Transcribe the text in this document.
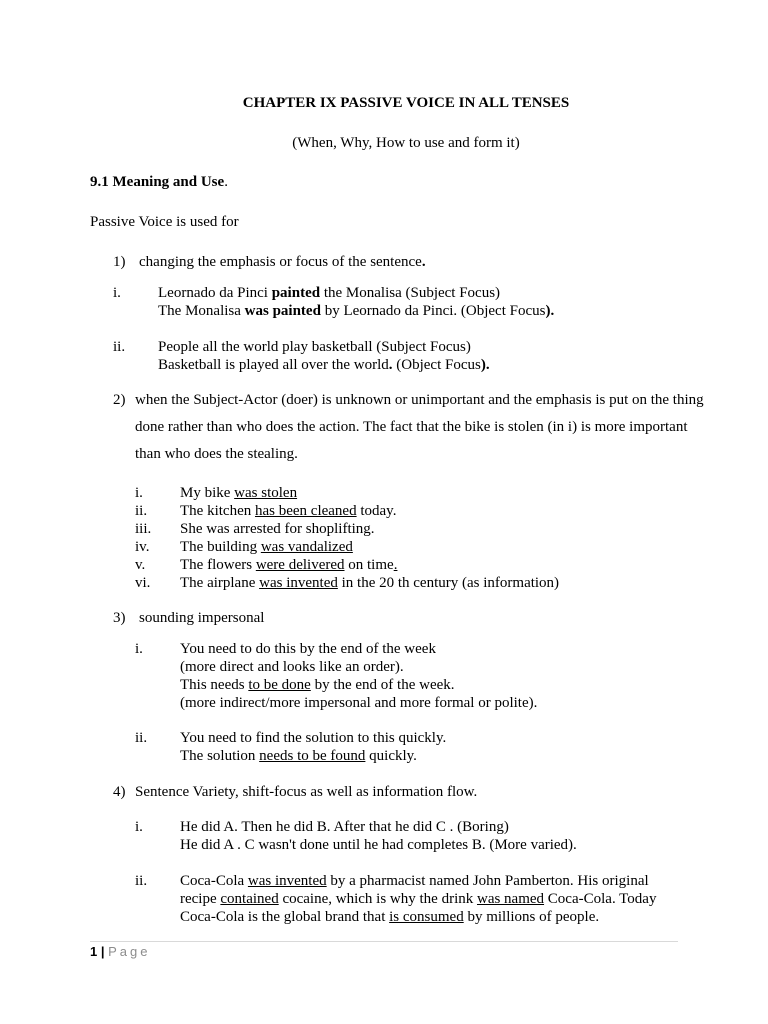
CHAPTER IX PASSIVE VOICE IN ALL TENSES
(When, Why, How to use and form it)
9.1 Meaning and Use.
Passive Voice is used for
1) changing the emphasis or focus of the sentence.
i. Leornado da Pinci painted the Monalisa (Subject Focus)
The Monalisa was painted by Leornado da Pinci. (Object Focus).
ii. People all the world play basketball (Subject Focus)
Basketball is played all over the world. (Object Focus).
2) when the Subject-Actor (doer) is unknown or unimportant and the emphasis is put on the thing
done rather than who does the action. The fact that the bike is stolen (in i) is more important
than who does the stealing.
i. My bike was stolen
ii. The kitchen has been cleaned today.
iii. She was arrested for shoplifting.
iv. The building was vandalized
v. The flowers were delivered on time.
vi. The airplane was invented in the 20 th century (as information)
3) sounding impersonal
i. You need to do this by the end of the week
(more direct and looks like an order).
This needs to be done by the end of the week.
(more indirect/more impersonal and more formal or polite).
ii. You need to find the solution to this quickly.
The solution needs to be found quickly.
4) Sentence Variety, shift-focus as well as information flow.
i. He did A. Then he did B. After that he did C . (Boring)
He did A . C wasn't done until he had completes B. (More varied).
ii. Coca-Cola was invented by a pharmacist named John Pamberton. His original
recipe contained cocaine, which is why the drink was named Coca-Cola. Today
Coca-Cola is the global brand that is consumed by millions of people.
1 | Page
